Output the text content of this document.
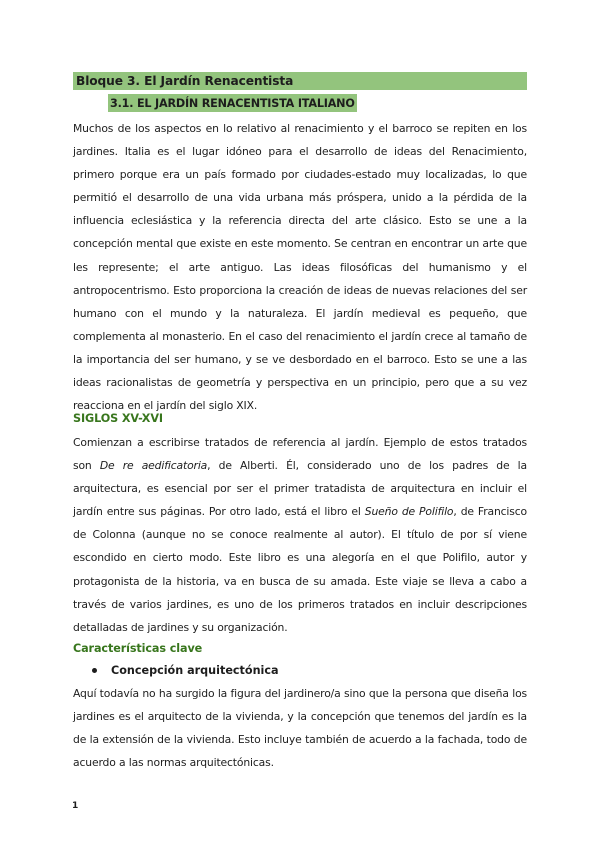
Bloque 3. El Jardín Renacentista
3.1. EL JARDÍN RENACENTISTA ITALIANO

Muchos de los aspectos en lo relativo al renacimiento y el barroco se repiten en los jardines. Italia es el lugar idóneo para el desarrollo de ideas del Renacimiento, primero porque era un país formado por ciudades-estado muy localizadas, lo que permitió el desarrollo de una vida urbana más próspera, unido a la pérdida de la influencia eclesiástica y la referencia directa del arte clásico. Esto se une a la concepción mental que existe en este momento. Se centran en encontrar un arte que les represente; el arte antiguo. Las ideas filosóficas del humanismo y el antropocentrismo. Esto proporciona la creación de ideas de nuevas relaciones del ser humano con el mundo y la naturaleza. El jardín medieval es pequeño, que complementa al monasterio. En el caso del renacimiento el jardín crece al tamaño de la importancia del ser humano, y se ve desbordado en el barroco. Esto se une a las ideas racionalistas de geometría y perspectiva en un principio, pero que a su vez reacciona en el jardín del siglo XIX.

SIGLOS XV-XVI

Comienzan a escribirse tratados de referencia al jardín. Ejemplo de estos tratados son De re aedificatoria, de Alberti. Él, considerado uno de los padres de la arquitectura, es esencial por ser el primer tratadista de arquitectura en incluir el jardín entre sus páginas. Por otro lado, está el libro el Sueño de Polifilo, de Francisco de Colonna (aunque no se conoce realmente al autor). El título de por sí viene escondido en cierto modo. Este libro es una alegoría en el que Polifilo, autor y protagonista de la historia, va en busca de su amada. Este viaje se lleva a cabo a través de varios jardines, es uno de los primeros tratados en incluir descripciones detalladas de jardines y su organización.

Características clave

Concepción arquitectónica

Aquí todavía no ha surgido la figura del jardinero/a sino que la persona que diseña los jardines es el arquitecto de la vivienda, y la concepción que tenemos del jardín es la de la extensión de la vivienda. Esto incluye también de acuerdo a la fachada, todo de acuerdo a las normas arquitectónicas.

1
